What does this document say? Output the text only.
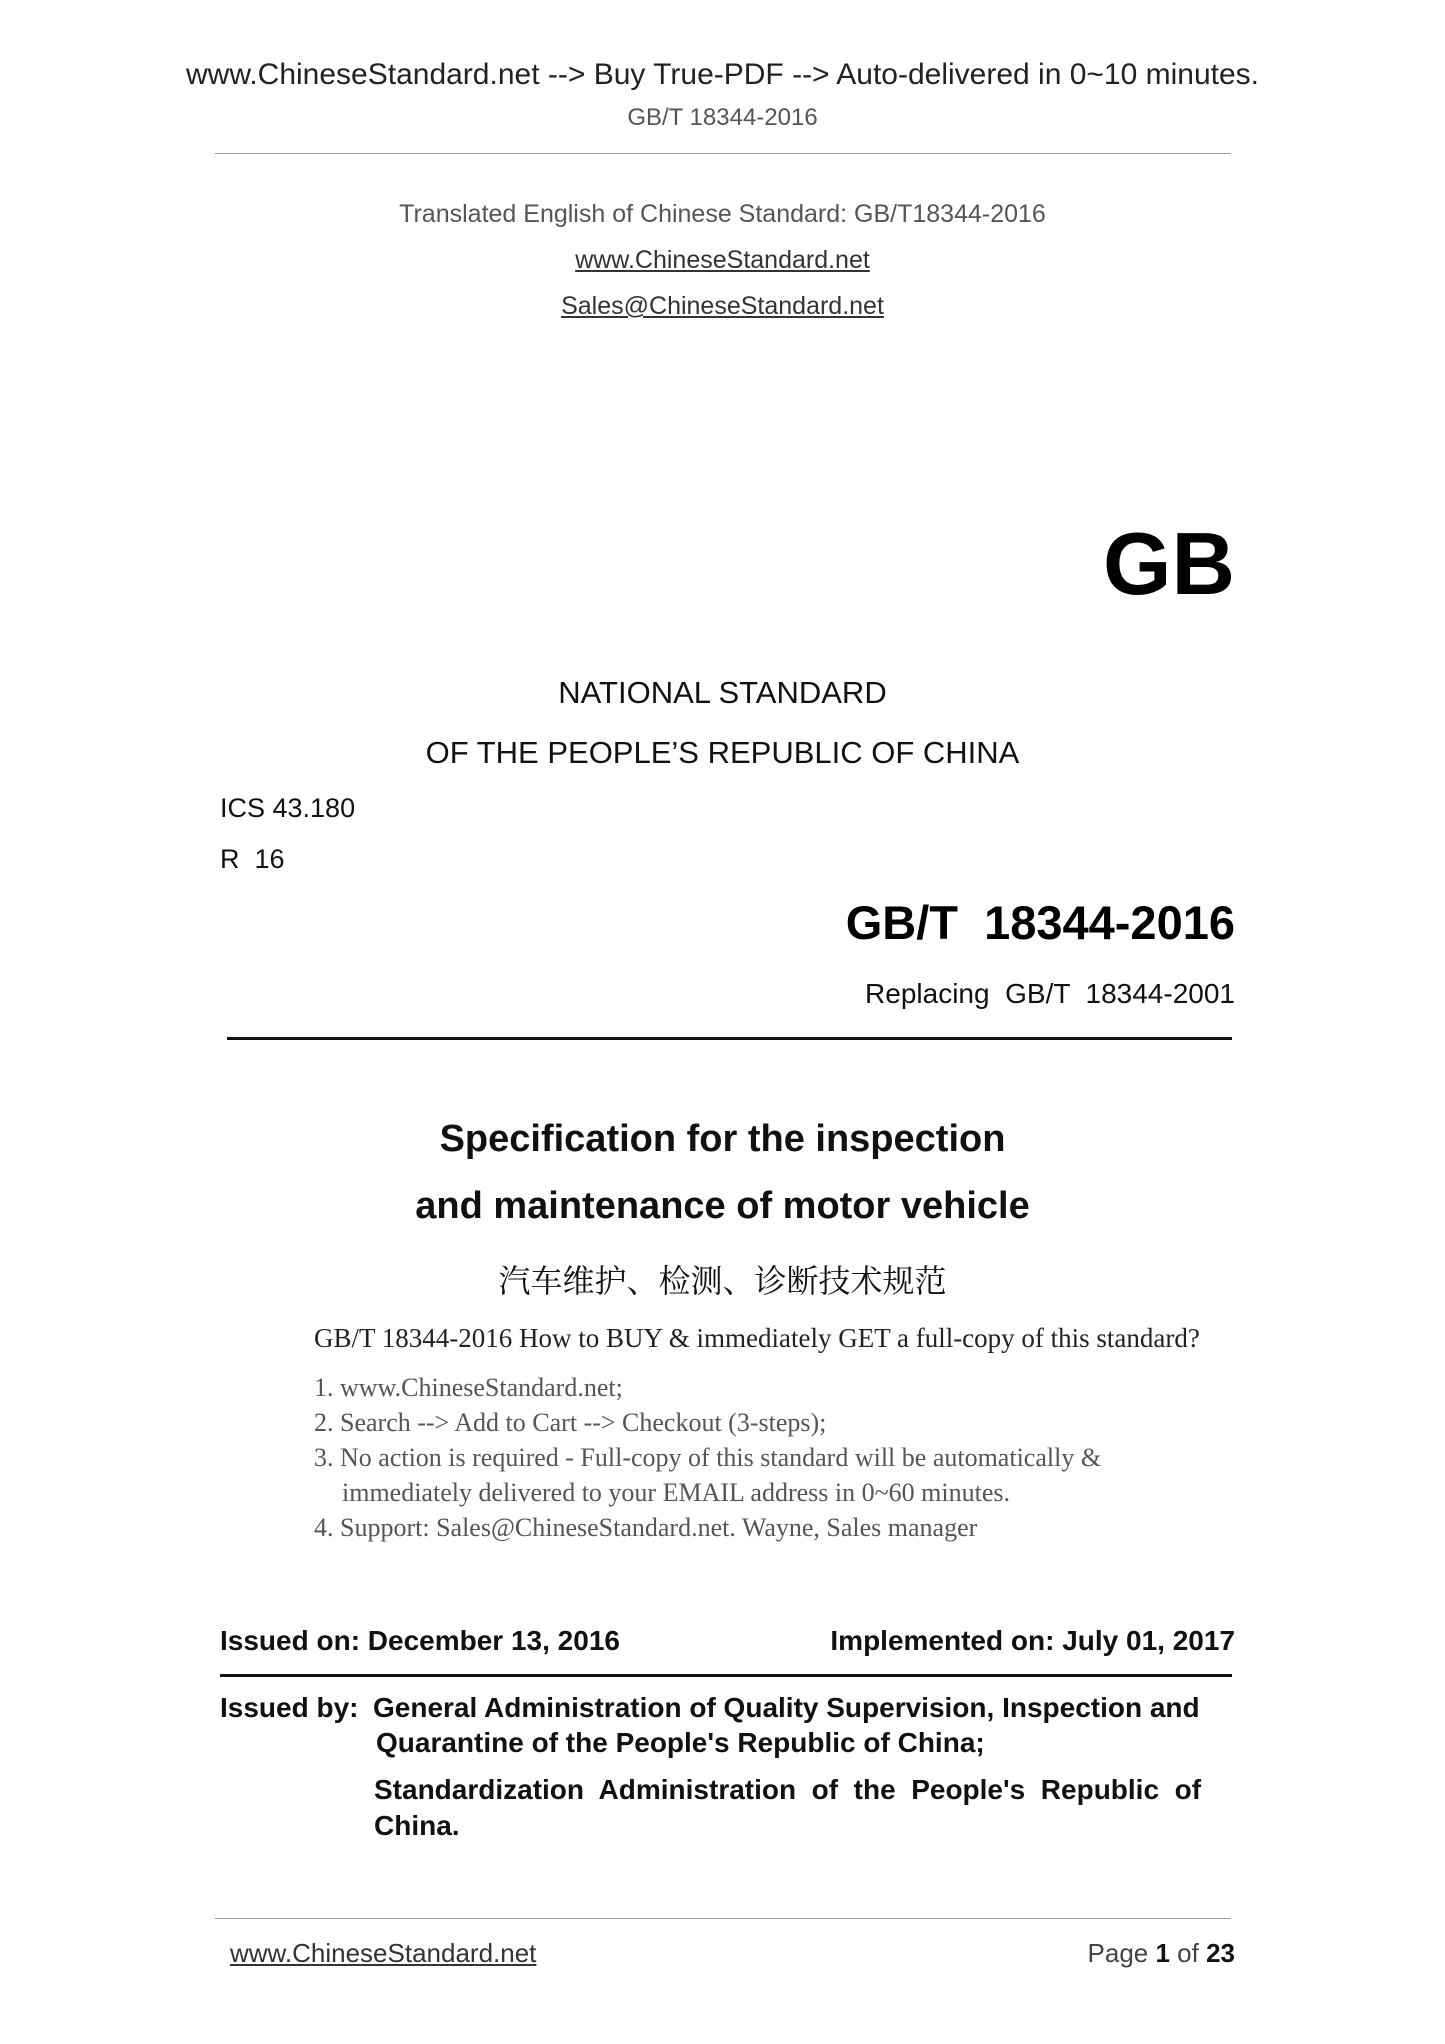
www.ChineseStandard.net --> Buy True-PDF --> Auto-delivered in 0~10 minutes.
GB/T 18344-2016
Translated English of Chinese Standard: GB/T18344-2016
www.ChineseStandard.net
Sales@ChineseStandard.net
GB
NATIONAL STANDARD
OF THE PEOPLE’S REPUBLIC OF CHINA
ICS 43.180
R  16
GB/T  18344-2016
Replacing  GB/T  18344-2001
Specification for the inspection
and maintenance of motor vehicle
汽车维护、检测、诊断技术规范
GB/T 18344-2016 How to BUY & immediately GET a full-copy of this standard?
1. www.ChineseStandard.net;
2. Search --> Add to Cart --> Checkout (3-steps);
3. No action is required - Full-copy of this standard will be automatically &
immediately delivered to your EMAIL address in 0~60 minutes.
4. Support: Sales@ChineseStandard.net. Wayne, Sales manager
Issued on: December 13, 2016	Implemented on: July 01, 2017
Issued by: General Administration of Quality Supervision, Inspection and
Quarantine of the People's Republic of China;
Standardization  Administration  of  the  People's  Republic  of
China.
www.ChineseStandard.net	Page 1 of 23
